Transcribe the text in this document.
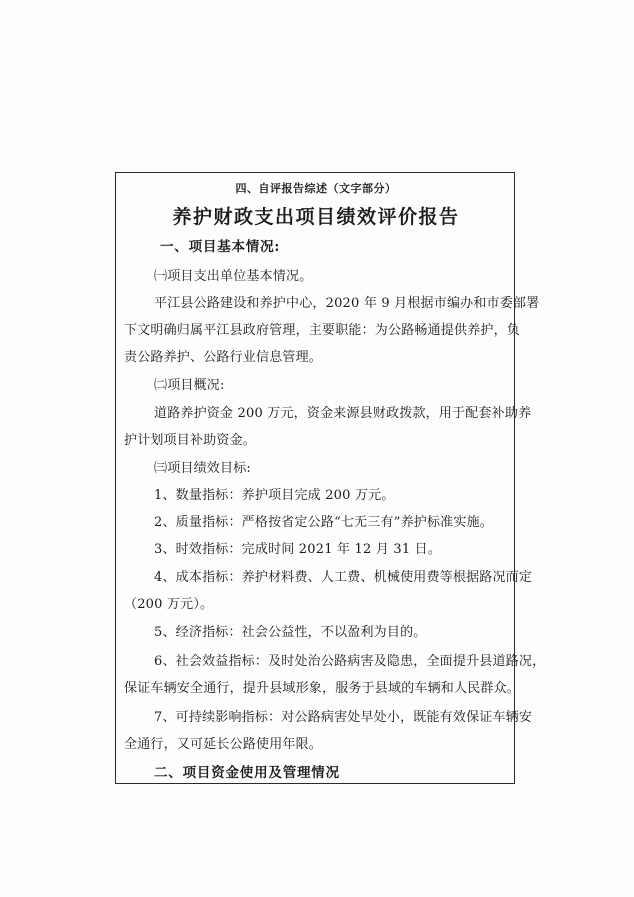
四、自评报告综述（文字部分）
养护财政支出项目绩效评价报告
一、项目基本情况:
㈠项目支出单位基本情况。
平江县公路建设和养护中心，2020 年 9 月根据市编办和市委部署
下文明确归属平江县政府管理，主要职能：为公路畅通提供养护，负
责公路养护、公路行业信息管理。
㈡项目概况:
道路养护资金 200 万元，资金来源县财政拨款，用于配套补助养
护计划项目补助资金。
㈢项目绩效目标:
1、数量指标：养护项目完成 200 万元。
2、质量指标：严格按省定公路“七无三有”养护标准实施。
3、时效指标：完成时间 2021 年 12 月 31 日。
4、成本指标：养护材料费、人工费、机械使用费等根据路况而定
（200 万元）。
5、经济指标：社会公益性，不以盈利为目的。
6、社会效益指标：及时处治公路病害及隐患，全面提升县道路况，
保证车辆安全通行，提升县域形象，服务于县域的车辆和人民群众。
7、可持续影响指标：对公路病害处早处小，既能有效保证车辆安
全通行，又可延长公路使用年限。
二、项目资金使用及管理情况
